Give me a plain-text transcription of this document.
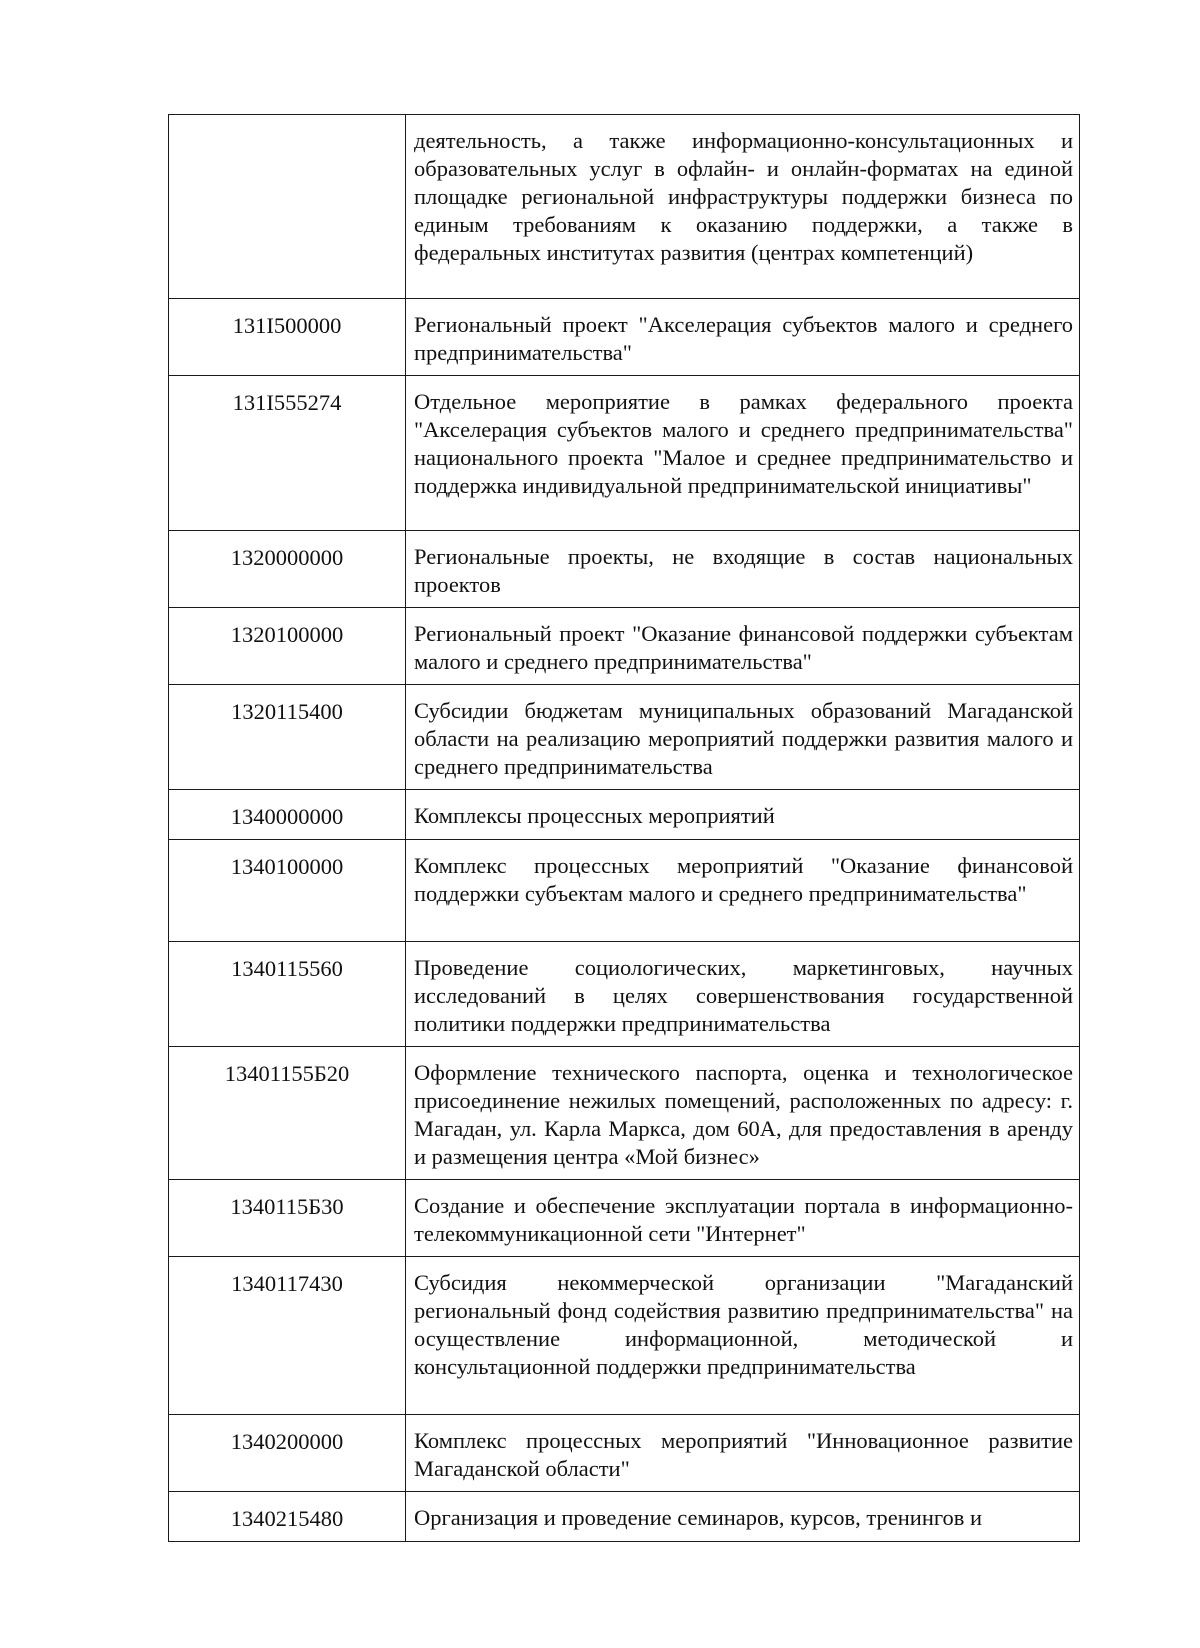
	деятельность, а также информационно-консультационных и образовательных услуг в офлайн- и онлайн-форматах на единой площадке региональной инфраструктуры поддержки бизнеса по единым требованиям к оказанию поддержки, а также в федеральных институтах развития (центрах компетенций)
131I500000	Региональный проект "Акселерация субъектов малого и среднего предпринимательства"
131I555274	Отдельное мероприятие в рамках федерального проекта "Акселерация субъектов малого и среднего предпринимательства" национального проекта "Малое и среднее предпринимательство и поддержка индивидуальной предпринимательской инициативы"
1320000000	Региональные проекты, не входящие в состав национальных проектов
1320100000	Региональный проект "Оказание финансовой поддержки субъектам малого и среднего предпринимательства"
1320115400	Субсидии бюджетам муниципальных образований Магаданской области на реализацию мероприятий поддержки развития малого и среднего предпринимательства
1340000000	Комплексы процессных мероприятий
1340100000	Комплекс процессных мероприятий "Оказание финансовой поддержки субъектам малого и среднего предпринимательства"
1340115560	Проведение социологических, маркетинговых, научных исследований в целях совершенствования государственной политики поддержки предпринимательства
13401155Б20	Оформление технического паспорта, оценка и технологическое присоединение нежилых помещений, расположенных по адресу: г. Магадан, ул. Карла Маркса, дом 60А, для предоставления в аренду и размещения центра «Мой бизнес»
1340115Б30	Создание и обеспечение эксплуатации портала в информационно-телекоммуникационной сети "Интернет"
1340117430	Субсидия некоммерческой организации "Магаданский региональный фонд содействия развитию предпринимательства" на осуществление информационной, методической и консультационной поддержки предпринимательства
1340200000	Комплекс процессных мероприятий "Инновационное развитие Магаданской области"
1340215480	Организация и проведение семинаров, курсов, тренингов и
